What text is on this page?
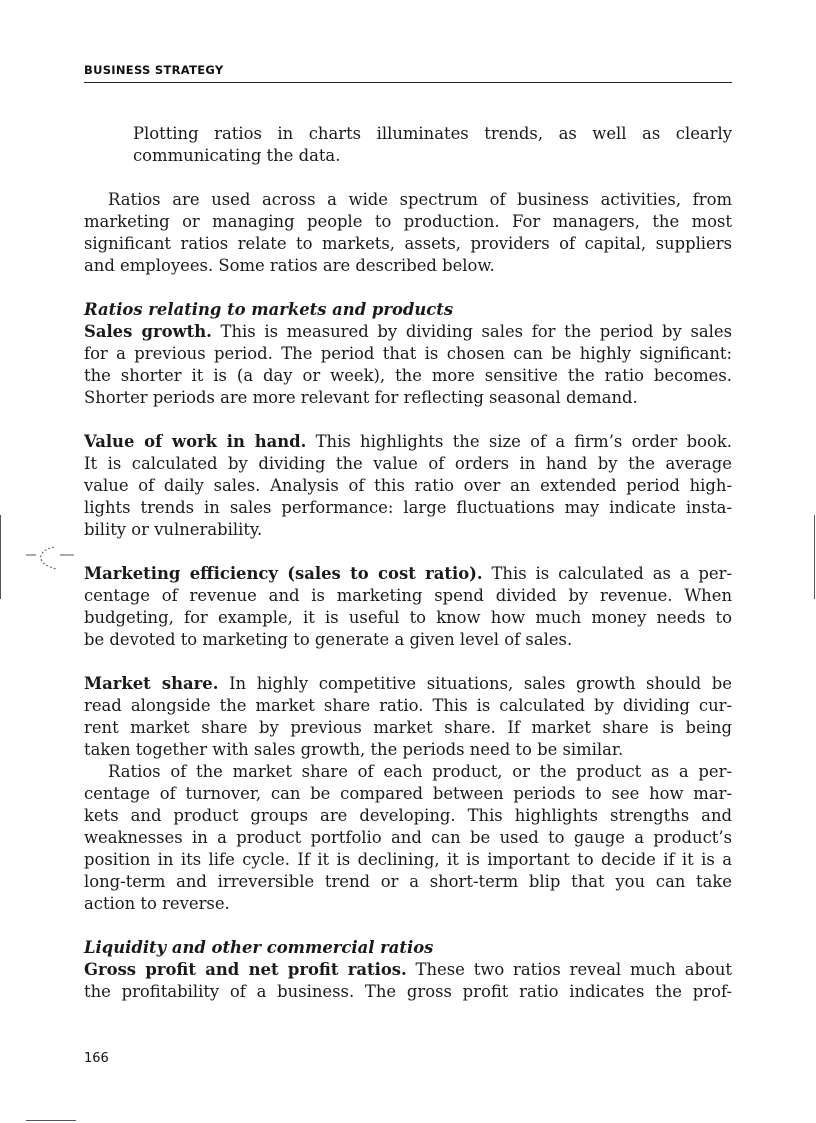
BUSINESS STRATEGY
Plotting ratios in charts illuminates trends, as well as clearly
communicating the data.
Ratios are used across a wide spectrum of business activities, from
marketing or managing people to production. For managers, the most
significant ratios relate to markets, assets, providers of capital, suppliers
and employees. Some ratios are described below.
Ratios relating to markets and products
Sales growth. This is measured by dividing sales for the period by sales
for a previous period. The period that is chosen can be highly significant:
the shorter it is (a day or week), the more sensitive the ratio becomes.
Shorter periods are more relevant for reflecting seasonal demand.
Value of work in hand. This highlights the size of a firm’s order book.
It is calculated by dividing the value of orders in hand by the average
value of daily sales. Analysis of this ratio over an extended period high-
lights trends in sales performance: large fluctuations may indicate insta-
bility or vulnerability.
Marketing efficiency (sales to cost ratio). This is calculated as a per-
centage of revenue and is marketing spend divided by revenue. When
budgeting, for example, it is useful to know how much money needs to
be devoted to marketing to generate a given level of sales.
Market share. In highly competitive situations, sales growth should be
read alongside the market share ratio. This is calculated by dividing cur-
rent market share by previous market share. If market share is being
taken together with sales growth, the periods need to be similar.
Ratios of the market share of each product, or the product as a per-
centage of turnover, can be compared between periods to see how mar-
kets and product groups are developing. This highlights strengths and
weaknesses in a product portfolio and can be used to gauge a product’s
position in its life cycle. If it is declining, it is important to decide if it is a
long-term and irreversible trend or a short-term blip that you can take
action to reverse.
Liquidity and other commercial ratios
Gross profit and net profit ratios. These two ratios reveal much about
the profitability of a business. The gross profit ratio indicates the prof-
166
